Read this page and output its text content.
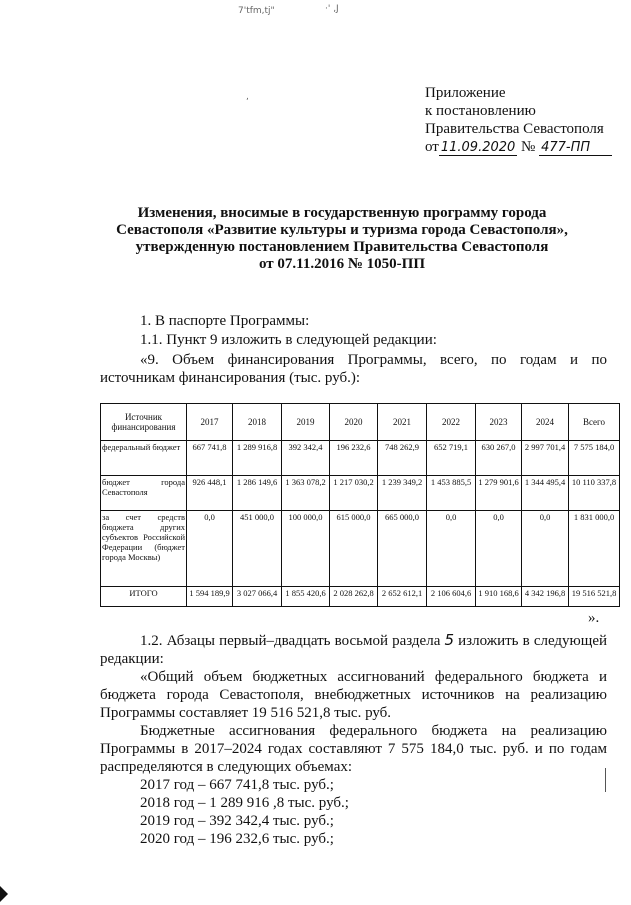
7'tfm,tj"	·' ,J
,	Приложение
к постановлению
Правительства Севастополя
от 11.09.2020 № 477-ПП
Изменения, вносимые в государственную программу города
Севастополя «Развитие культуры и туризма города Севастополя»,
утвержденную постановлением Правительства Севастополя
от 07.11.2016 № 1050-ПП
1. В паспорте Программы:
1.1. Пункт 9 изложить в следующей редакции:
«9. Объем финансирования Программы, всего, по годам и по источникам финансирования (тыс. руб.):
Источник финансирования	2017	2018	2019	2020	2021	2022	2023	2024	Всего
федеральный бюджет	667 741,8	1 289 916,8	392 342,4	196 232,6	748 262,9	652 719,1	630 267,0	2 997 701,4	7 575 184,0
бюджет города Севастополя	926 448,1	1 286 149,6	1 363 078,2	1 217 030,2	1 239 349,2	1 453 885,5	1 279 901,6	1 344 495,4	10 110 337,8
за счет средств бюджета других субъектов Российской Федерации (бюджет города Москвы)	0,0	451 000,0	100 000,0	615 000,0	665 000,0	0,0	0,0	0,0	1 831 000,0
ИТОГО	1 594 189,9	3 027 066,4	1 855 420,6	2 028 262,8	2 652 612,1	2 106 604,6	1 910 168,6	4 342 196,8	19 516 521,8
».
1.2. Абзацы первый–двадцать восьмой раздела 5 изложить в следующей редакции:
«Общий объем бюджетных ассигнований федерального бюджета и бюджета города Севастополя, внебюджетных источников на реализацию Программы составляет 19 516 521,8 тыс. руб.
Бюджетные ассигнования федерального бюджета на реализацию Программы в 2017–2024 годах составляют 7 575 184,0 тыс. руб. и по годам распределяются в следующих объемах:
2017 год – 667 741,8 тыс. руб.;
2018 год – 1 289 916 ,8 тыс. руб.;
2019 год – 392 342,4 тыс. руб.;
2020 год – 196 232,6 тыс. руб.;
